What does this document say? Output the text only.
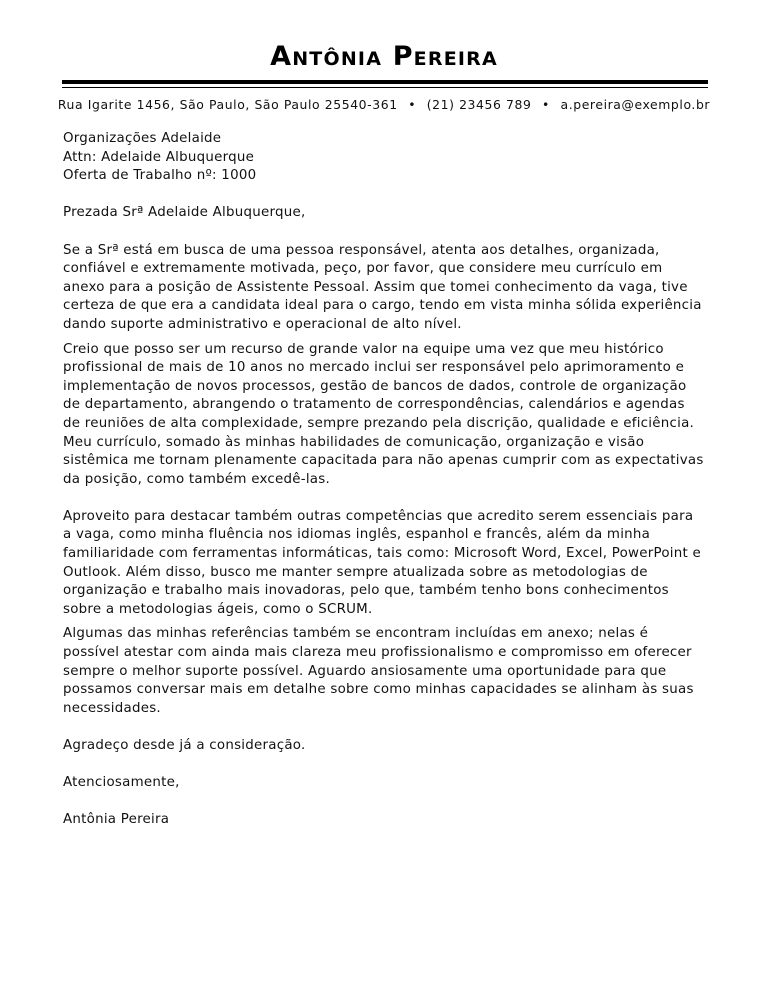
Antônia Pereira
Rua Igarite 1456, São Paulo, São Paulo 25540-361 • (21) 23456 789 • a.pereira@exemplo.br
Organizações Adelaide
Attn: Adelaide Albuquerque
Oferta de Trabalho nº: 1000

Prezada Srª Adelaide Albuquerque,

Se a Srª está em busca de uma pessoa responsável, atenta aos detalhes, organizada, confiável e extremamente motivada, peço, por favor, que considere meu currículo em anexo para a posição de Assistente Pessoal. Assim que tomei conhecimento da vaga, tive certeza de que era a candidata ideal para o cargo, tendo em vista minha sólida experiência dando suporte administrativo e operacional de alto nível.

Creio que posso ser um recurso de grande valor na equipe uma vez que meu histórico profissional de mais de 10 anos no mercado inclui ser responsável pelo aprimoramento e implementação de novos processos, gestão de bancos de dados, controle de organização de departamento, abrangendo o tratamento de correspondências, calendários e agendas de reuniões de alta complexidade, sempre prezando pela discrição, qualidade e eficiência. Meu currículo, somado às minhas habilidades de comunicação, organização e visão sistêmica me tornam plenamente capacitada para não apenas cumprir com as expectativas da posição, como também excedê-las.

Aproveito para destacar também outras competências que acredito serem essenciais para a vaga, como minha fluência nos idiomas inglês, espanhol e francês, além da minha familiaridade com ferramentas informáticas, tais como: Microsoft Word, Excel, PowerPoint e Outlook. Além disso, busco me manter sempre atualizada sobre as metodologias de organização e trabalho mais inovadoras, pelo que, também tenho bons conhecimentos sobre a metodologias ágeis, como o SCRUM.

Algumas das minhas referências também se encontram incluídas em anexo; nelas é possível atestar com ainda mais clareza meu profissionalismo e compromisso em oferecer sempre o melhor suporte possível. Aguardo ansiosamente uma oportunidade para que possamos conversar mais em detalhe sobre como minhas capacidades se alinham às suas necessidades.

Agradeço desde já a consideração.

Atenciosamente,

Antônia Pereira
